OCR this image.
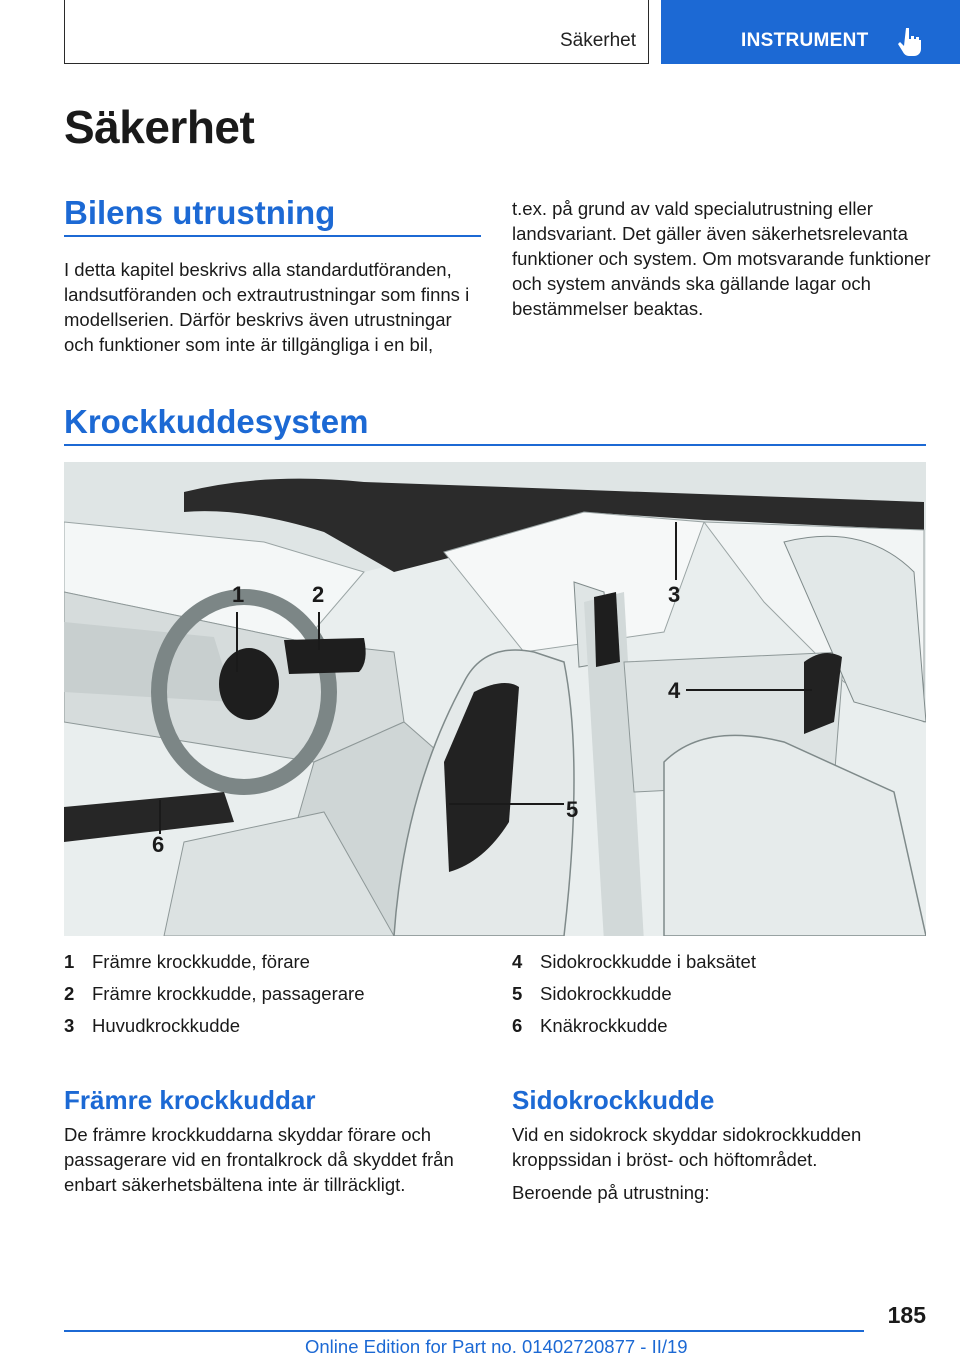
Säkerhet	INSTRUMENT
Säkerhet
Bilens utrustning
I detta kapitel beskrivs alla standardutföranden, landsutföranden och extrautrustningar som finns i modellserien. Därför beskrivs även utrustningar och funktioner som inte är tillgängliga i en bil,
t.ex. på grund av vald specialutrustning eller landsvariant. Det gäller även säkerhetsrelevanta funktioner och system. Om motsvarande funktioner och system används ska gällande lagar och bestämmelser beaktas.
Krockkuddesystem
1	2	3
4
5
6
1 Främre krockkudde, förare
2 Främre krockkudde, passagerare
3 Huvudkrockkudde
4 Sidokrockkudde i baksätet
5 Sidokrockkudde
6 Knäkrockkudde
Främre krockkuddar
De främre krockkuddarna skyddar förare och passagerare vid en frontalkrock då skyddet från enbart säkerhetsbältena inte är tillräckligt.
Sidokrockkudde
Vid en sidokrock skyddar sidokrockkudden kroppssidan i bröst- och höftområdet.
Beroende på utrustning:
185
Online Edition for Part no. 01402720877 - II/19
